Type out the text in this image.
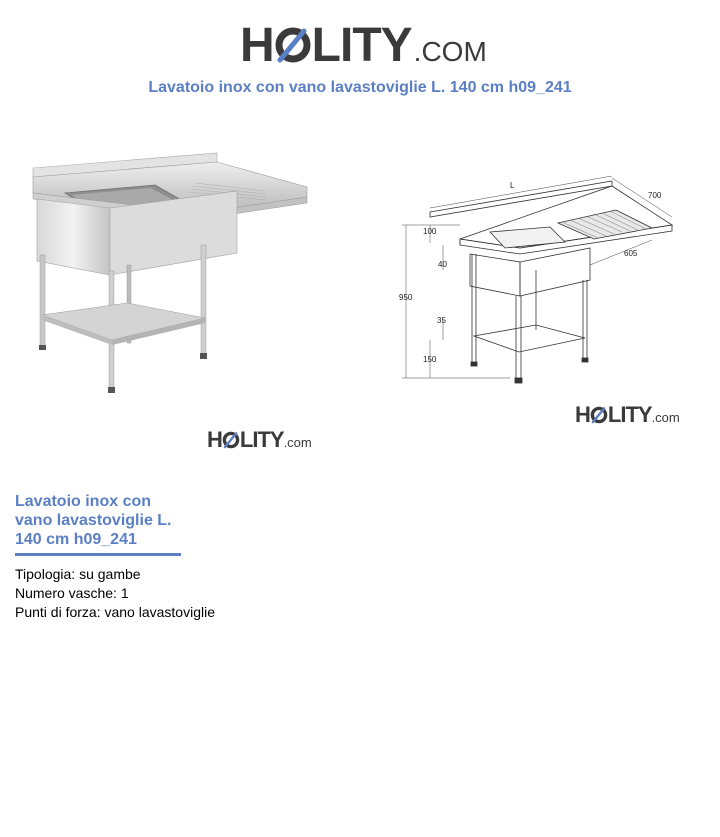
H LITY .COM
Lavatoio inox con vano lavastoviglie L. 140 cm h09_241
L
700
100
40
605
950
35
150
H LITY .com
H LITY .com
Lavatoio inox con vano lavastoviglie L. 140 cm h09_241
Tipologia: su gambe
Numero vasche: 1
Punti di forza: vano lavastoviglie
